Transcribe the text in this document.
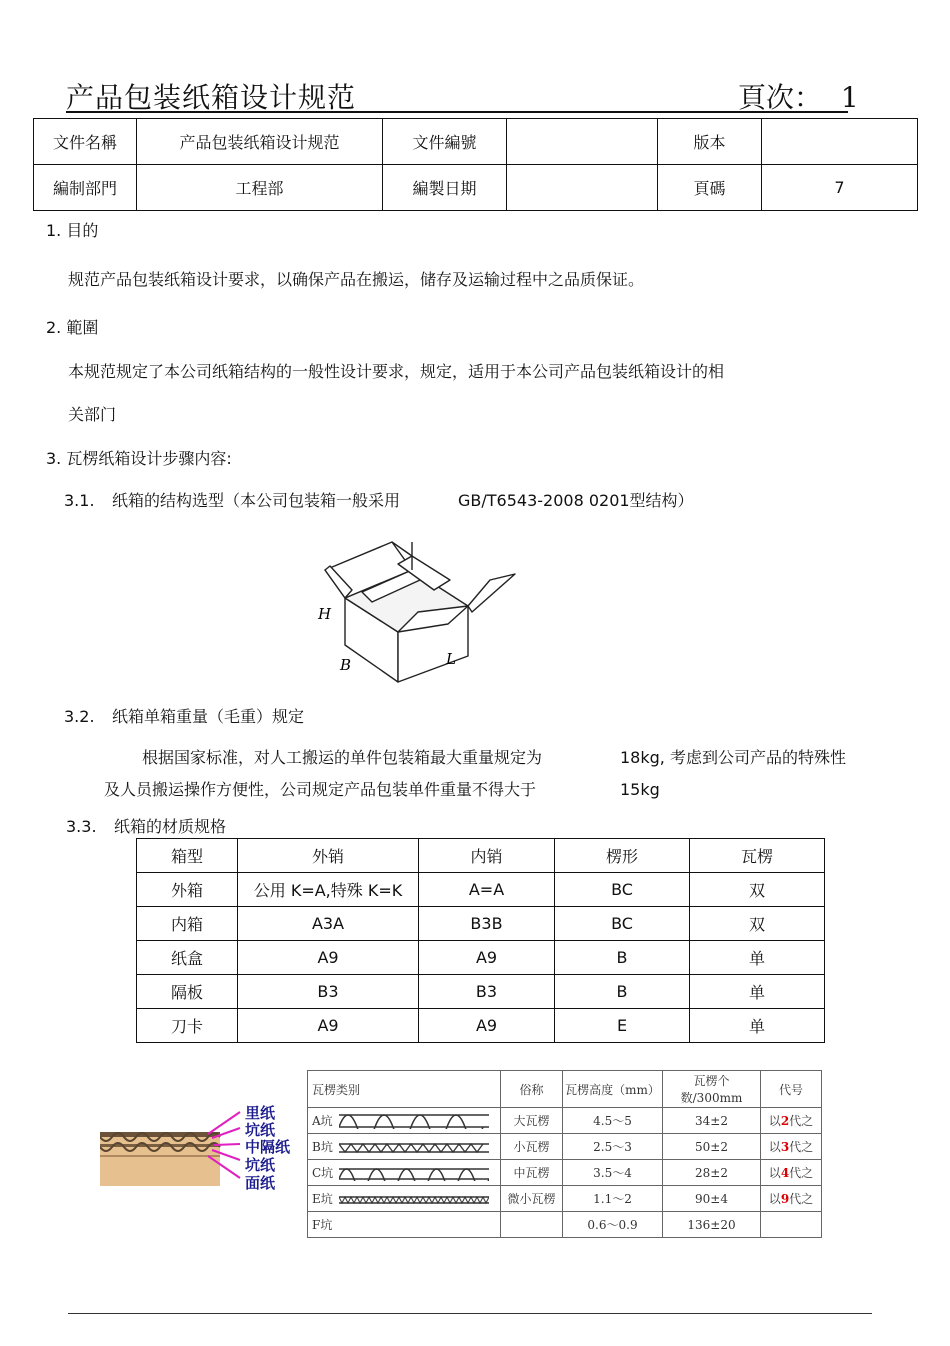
产品包装纸箱设计规范	頁次： 1
文件名稱	产品包装纸箱设计规范	文件編號		版本	
編制部門	工程部	編製日期		頁碼	7
1. 目的
规范产品包装纸箱设计要求，以确保产品在搬运，储存及运输过程中之品质保证。
2. 範圍
本规范规定了本公司纸箱结构的一般性设计要求，规定，适用于本公司产品包装纸箱设计的相
关部门
3. 瓦楞纸箱设计步骤内容:
3.1. 纸箱的结构选型（本公司包装箱一般采用	GB/T6543-2008 0201型结构）
H
B	L
3.2. 纸箱单箱重量（毛重）规定
根据国家标准，对人工搬运的单件包装箱最大重量规定为	18kg, 考虑到公司产品的特殊性
及人员搬运操作方便性，公司规定产品包装单件重量不得大于	15kg
3.3. 纸箱的材质规格
箱型	外销	内销	楞形	瓦楞
外箱	公用 K=A,特殊 K=K	A=A	BC	双
内箱	A3A	B3B	BC	双
纸盒	A9	A9	B	单
隔板	B3	B3	B	单
刀卡	A9	A9	E	单
里纸
坑纸
中隔纸
坑纸
面纸
瓦楞类别	俗称	瓦楞高度（mm）	瓦楞个数/300mm	代号
A坑	大瓦楞	4.5～5	34±2	以2代之
B坑	小瓦楞	2.5～3	50±2	以3代之
C坑	中瓦楞	3.5～4	28±2	以4代之
E坑	微小瓦楞	1.1～2	90±4	以9代之
F坑		0.6～0.9	136±20	
